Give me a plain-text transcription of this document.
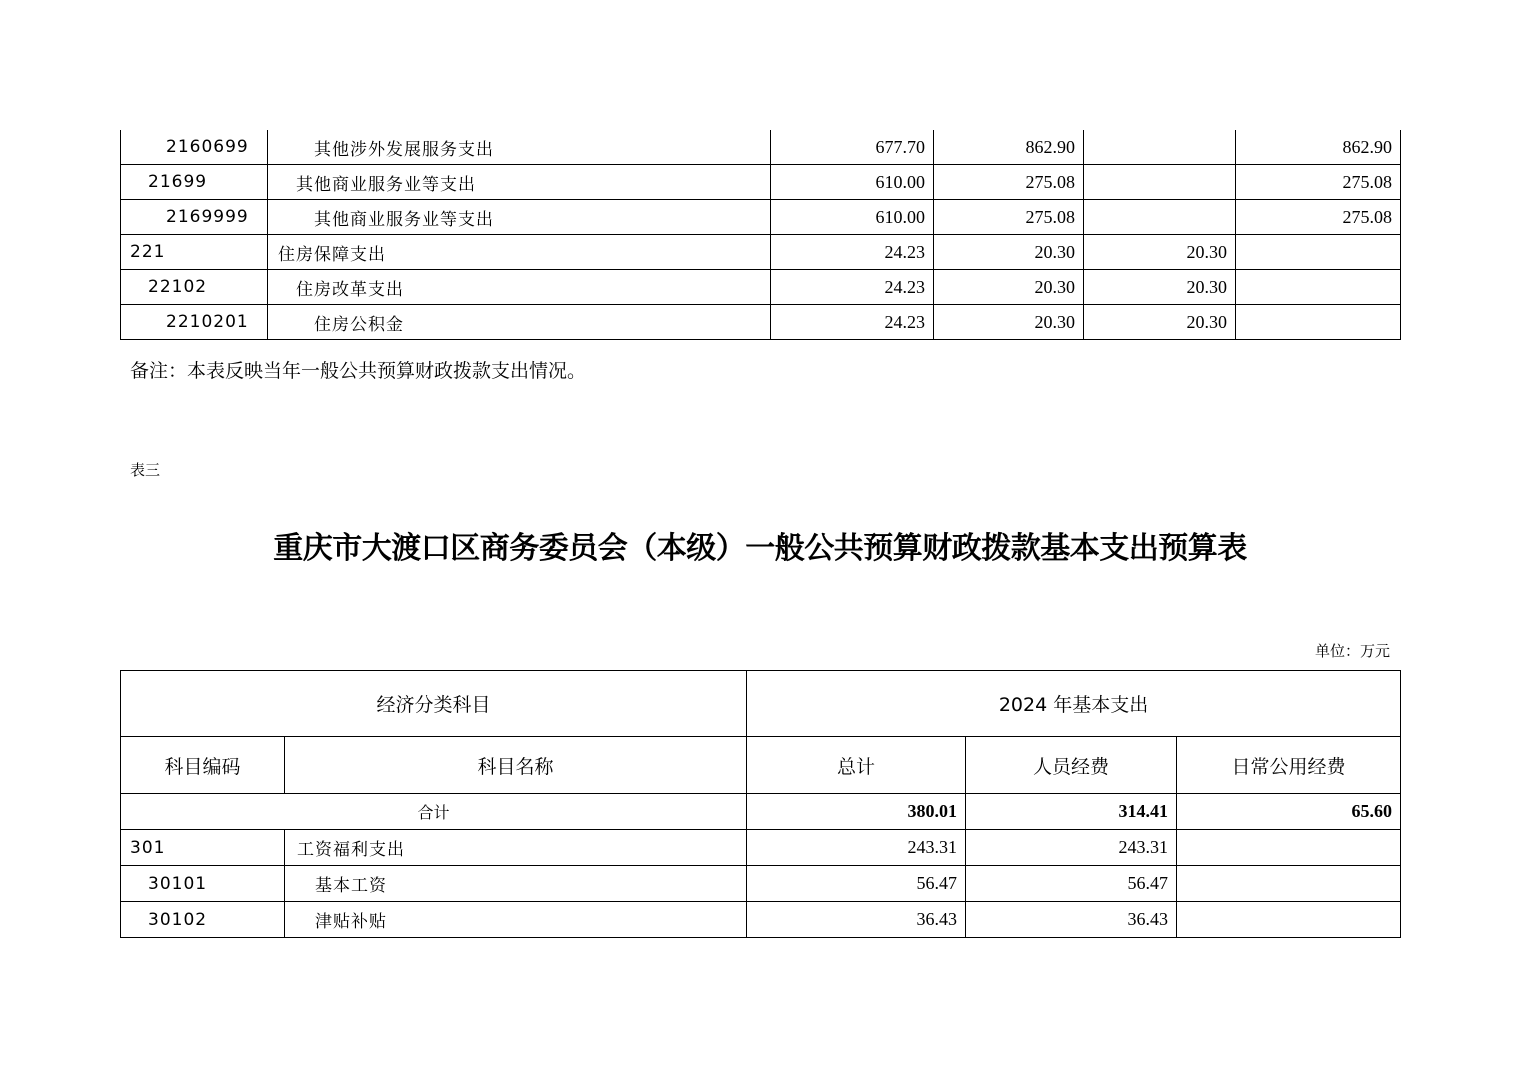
2160699	其他涉外发展服务支出	677.70	862.90		862.90
21699	其他商业服务业等支出	610.00	275.08		275.08
2169999	其他商业服务业等支出	610.00	275.08		275.08
221	住房保障支出	24.23	20.30	20.30	
22102	住房改革支出	24.23	20.30	20.30	
2210201	住房公积金	24.23	20.30	20.30	
备注：本表反映当年一般公共预算财政拨款支出情况。
表三
重庆市大渡口区商务委员会（本级）一般公共预算财政拨款基本支出预算表
单位：万元
经济分类科目		2024 年基本支出		
科目编码	科目名称	总计	人员经费	日常公用经费
合计		380.01	314.41	65.60
301	工资福利支出	243.31	243.31	
30101	基本工资	56.47	56.47	
30102	津贴补贴	36.43	36.43	
